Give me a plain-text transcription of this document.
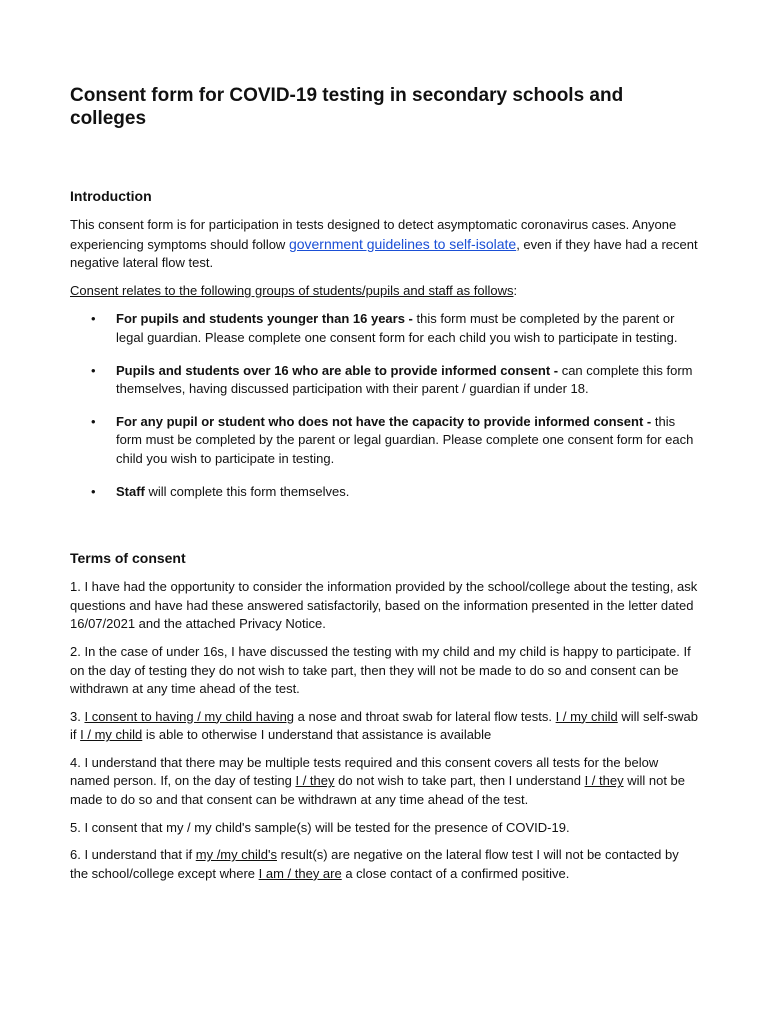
Consent form for COVID-19 testing in secondary schools and colleges
Introduction

This consent form is for participation in tests designed to detect asymptomatic coronavirus cases. Anyone experiencing symptoms should follow government guidelines to self-isolate, even if they have had a recent negative lateral flow test.

Consent relates to the following groups of students/pupils and staff as follows:

• For pupils and students younger than 16 years - this form must be completed by the parent or legal guardian. Please complete one consent form for each child you wish to participate in testing.
• Pupils and students over 16 who are able to provide informed consent - can complete this form themselves, having discussed participation with their parent / guardian if under 18.
• For any pupil or student who does not have the capacity to provide informed consent - this form must be completed by the parent or legal guardian. Please complete one consent form for each child you wish to participate in testing.
• Staff will complete this form themselves.
Terms of consent

1. I have had the opportunity to consider the information provided by the school/college about the testing, ask questions and have had these answered satisfactorily, based on the information presented in the letter dated 16/07/2021 and the attached Privacy Notice.

2. In the case of under 16s, I have discussed the testing with my child and my child is happy to participate. If on the day of testing they do not wish to take part, then they will not be made to do so and consent can be withdrawn at any time ahead of the test.

3. I consent to having / my child having a nose and throat swab for lateral flow tests. I / my child will self-swab if I / my child is able to otherwise I understand that assistance is available

4. I understand that there may be multiple tests required and this consent covers all tests for the below named person. If, on the day of testing I / they do not wish to take part, then I understand I / they will not be made to do so and that consent can be withdrawn at any time ahead of the test.

5. I consent that my / my child's sample(s) will be tested for the presence of COVID-19.

6. I understand that if my /my child's result(s) are negative on the lateral flow test I will not be contacted by the school/college except where I am / they are a close contact of a confirmed positive.
